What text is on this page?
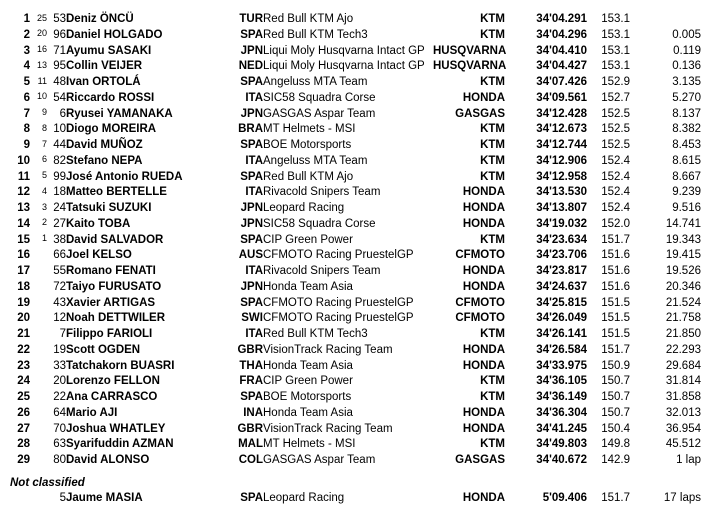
1	25	53	Deniz ÖNCÜ	TUR	Red Bull KTM Ajo	KTM	34'04.291	153.1	
2	20	96	Daniel HOLGADO	SPA	Red Bull KTM Tech3	KTM	34'04.296	153.1	0.005
3	16	71	Ayumu SASAKI	JPN	Liqui Moly Husqvarna Intact GP	HUSQVARNA	34'04.410	153.1	0.119
4	13	95	Collin VEIJER	NED	Liqui Moly Husqvarna Intact GP	HUSQVARNA	34'04.427	153.1	0.136
5	11	48	Ivan ORTOLÁ	SPA	Angeluss MTA Team	KTM	34'07.426	152.9	3.135
6	10	54	Riccardo ROSSI	ITA	SIC58 Squadra Corse	HONDA	34'09.561	152.7	5.270
7	9	6	Ryusei YAMANAKA	JPN	GASGAS Aspar Team	GASGAS	34'12.428	152.5	8.137
8	8	10	Diogo MOREIRA	BRA	MT Helmets - MSI	KTM	34'12.673	152.5	8.382
9	7	44	David MUÑOZ	SPA	BOE Motorsports	KTM	34'12.744	152.5	8.453
10	6	82	Stefano NEPA	ITA	Angeluss MTA Team	KTM	34'12.906	152.4	8.615
11	5	99	José Antonio RUEDA	SPA	Red Bull KTM Ajo	KTM	34'12.958	152.4	8.667
12	4	18	Matteo BERTELLE	ITA	Rivacold Snipers Team	HONDA	34'13.530	152.4	9.239
13	3	24	Tatsuki SUZUKI	JPN	Leopard Racing	HONDA	34'13.807	152.4	9.516
14	2	27	Kaito TOBA	JPN	SIC58 Squadra Corse	HONDA	34'19.032	152.0	14.741
15	1	38	David SALVADOR	SPA	CIP Green Power	KTM	34'23.634	151.7	19.343
16		66	Joel KELSO	AUS	CFMOTO Racing PruestelGP	CFMOTO	34'23.706	151.6	19.415
17		55	Romano FENATI	ITA	Rivacold Snipers Team	HONDA	34'23.817	151.6	19.526
18		72	Taiyo FURUSATO	JPN	Honda Team Asia	HONDA	34'24.637	151.6	20.346
19		43	Xavier ARTIGAS	SPA	CFMOTO Racing PruestelGP	CFMOTO	34'25.815	151.5	21.524
20		12	Noah DETTWILER	SWI	CFMOTO Racing PruestelGP	CFMOTO	34'26.049	151.5	21.758
21		7	Filippo FARIOLI	ITA	Red Bull KTM Tech3	KTM	34'26.141	151.5	21.850
22		19	Scott OGDEN	GBR	VisionTrack Racing Team	HONDA	34'26.584	151.7	22.293
23		33	Tatchakorn BUASRI	THA	Honda Team Asia	HONDA	34'33.975	150.9	29.684
24		20	Lorenzo FELLON	FRA	CIP Green Power	KTM	34'36.105	150.7	31.814
25		22	Ana CARRASCO	SPA	BOE Motorsports	KTM	34'36.149	150.7	31.858
26		64	Mario AJI	INA	Honda Team Asia	HONDA	34'36.304	150.7	32.013
27		70	Joshua WHATLEY	GBR	VisionTrack Racing Team	HONDA	34'41.245	150.4	36.954
28		63	Syarifuddin AZMAN	MAL	MT Helmets - MSI	KTM	34'49.803	149.8	45.512
29		80	David ALONSO	COL	GASGAS Aspar Team	GASGAS	34'40.672	142.9	1 lap
Not classified
		5	Jaume MASIA	SPA	Leopard Racing	HONDA	5'09.406	151.7	17 laps
